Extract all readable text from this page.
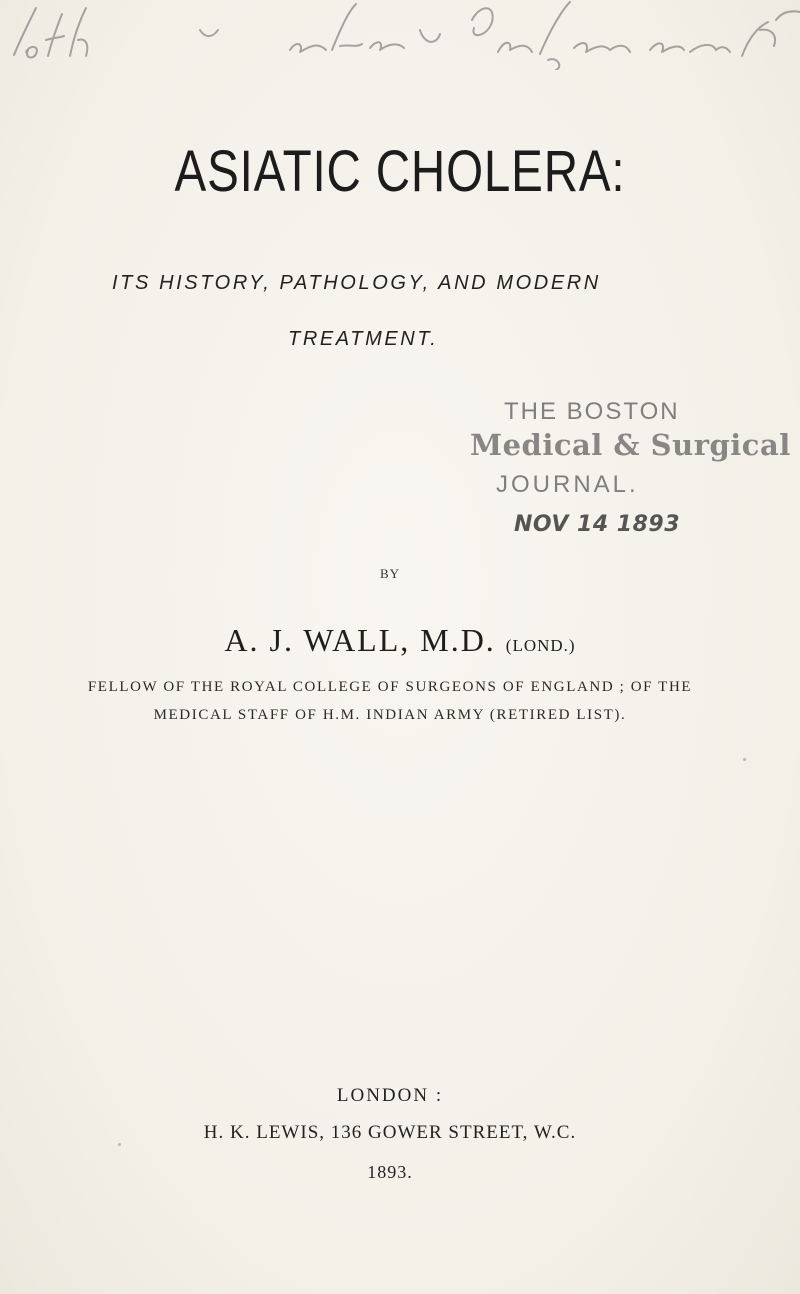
ASIATIC CHOLERA:
ITS HISTORY, PATHOLOGY, AND MODERN
TREATMENT.
THE BOSTON
Medical & Surgical
JOURNAL.
NOV 14 1893
BY
A. J. WALL, M.D. (LOND.)
FELLOW OF THE ROYAL COLLEGE OF SURGEONS OF ENGLAND ; OF THE
MEDICAL STAFF OF H.M. INDIAN ARMY (RETIRED LIST).
LONDON :
H. K. LEWIS, 136 GOWER STREET, W.C.
1893.
